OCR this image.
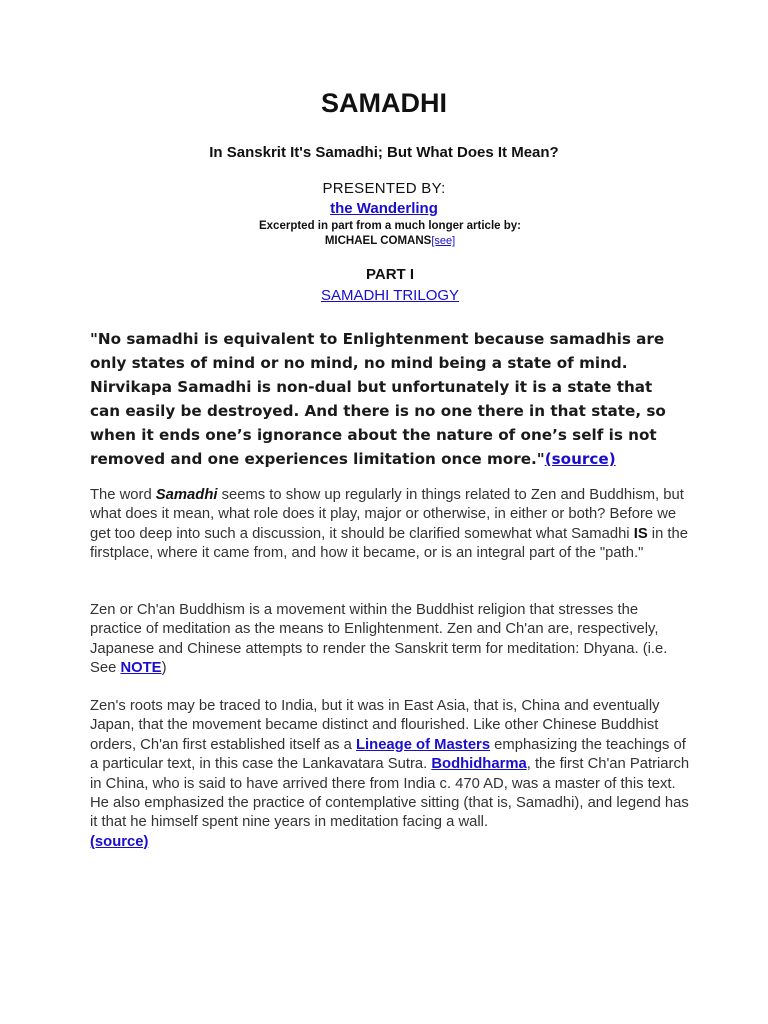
SAMADHI
In Sanskrit It's Samadhi; But What Does It Mean?
PRESENTED BY:
the Wanderling
Excerpted in part from a much longer article by:
MICHAEL COMANS[see]
PART I
SAMADHI TRILOGY

"No samadhi is equivalent to Enlightenment because samadhis are only states of mind or no mind, no mind being a state of mind. Nirvikapa Samadhi is non-dual but unfortunately it is a state that can easily be destroyed. And there is no one there in that state, so when it ends one’s ignorance about the nature of one’s self is not removed and one experiences limitation once more."(source)

The word Samadhi seems to show up regularly in things related to Zen and Buddhism, but what does it mean, what role does it play, major or otherwise, in either or both? Before we get too deep into such a discussion, it should be clarified somewhat what Samadhi IS in the firstplace, where it came from, and how it became, or is an integral part of the "path."

Zen or Ch'an Buddhism is a movement within the Buddhist religion that stresses the practice of meditation as the means to Enlightenment. Zen and Ch'an are, respectively, Japanese and Chinese attempts to render the Sanskrit term for meditation: Dhyana. (i.e. See NOTE)

Zen's roots may be traced to India, but it was in East Asia, that is, China and eventually Japan, that the movement became distinct and flourished. Like other Chinese Buddhist orders, Ch'an first established itself as a Lineage of Masters emphasizing the teachings of a particular text, in this case the Lankavatara Sutra. Bodhidharma, the first Ch'an Patriarch in China, who is said to have arrived there from India c. 470 AD, was a master of this text. He also emphasized the practice of contemplative sitting (that is, Samadhi), and legend has it that he himself spent nine years in meditation facing a wall.
(source)
